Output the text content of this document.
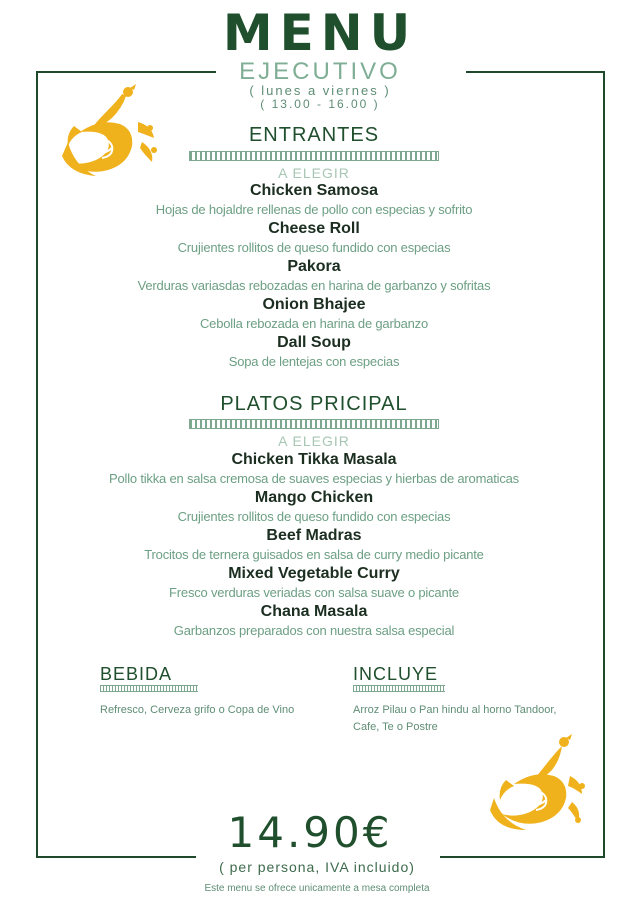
MENU
EJECUTIVO
( lunes a viernes )
( 13.00 - 16.00 )
ENTRANTES
A ELEGIR
Chicken Samosa
Hojas de hojaldre rellenas de pollo con especias y sofrito
Cheese Roll
Crujientes rollitos de queso fundido con especias
Pakora
Verduras variasdas rebozadas en harina de garbanzo y sofritas
Onion Bhajee
Cebolla rebozada en harina de garbanzo
Dall Soup
Sopa de lentejas con especias
PLATOS PRICIPAL
A ELEGIR
Chicken Tikka Masala
Pollo tikka en salsa cremosa de suaves especias y hierbas de aromaticas
Mango Chicken
Crujientes rollitos de queso fundido con especias
Beef Madras
Trocitos de ternera guisados en salsa de curry medio picante
Mixed Vegetable Curry
Fresco verduras veriadas con salsa suave o picante
Chana Masala
Garbanzos preparados con nuestra salsa especial
BEBIDA
Refresco, Cerveza grifo o Copa de Vino
INCLUYE
Arroz Pilau o Pan hindu al horno Tandoor,
Cafe, Te o Postre
14.90€
( per persona, IVA incluido)
Este menu se ofrece unicamente a mesa completa
